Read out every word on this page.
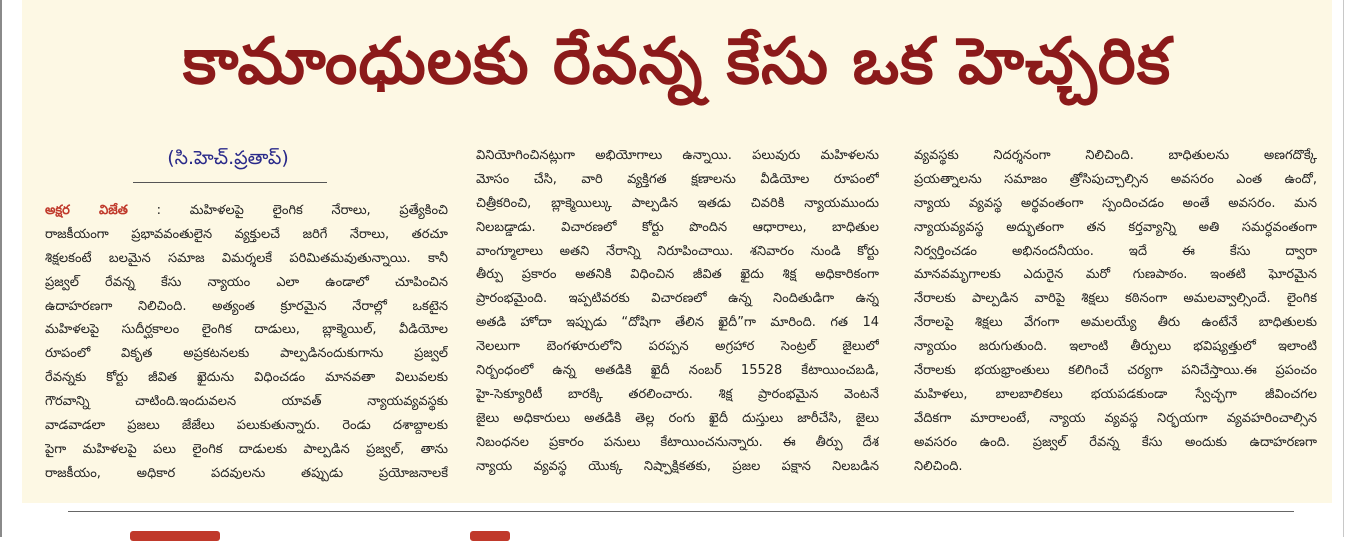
కామాంధులకు రేవన్న కేసు ఒక హెచ్చరిక
(సి.హెచ్.ప్రతాప్)
అక్షర విజేత : మహిళలపై లైంగిక నేరాలు, ప్రత్యేకించి
రాజకీయంగా ప్రభావవంతులైన వ్యక్తులచే జరిగే నేరాలు, తరచూ
శిక్షలకంటే బలమైన సమాజ విమర్శలకే పరిమితమవుతున్నాయి. కానీ
ప్రజ్వల్ రేవన్న కేసు న్యాయం ఎలా ఉండాలో చూపించిన
ఉదాహరణగా నిలిచింది. అత్యంత క్రూరమైన నేరాల్లో ఒకటైన
మహిళలపై సుదీర్ఘకాలం లైంగిక దాడులు, బ్లాక్మెయిల్, వీడియోల
రూపంలో వికృత అప్రకటనలకు పాల్పడినందుకుగాను ప్రజ్వల్
రేవన్నకు కోర్టు జీవిత ఖైదును విధించడం మానవతా విలువలకు
గౌరవాన్ని చాటింది.ఇందువలన యావత్ న్యాయవ్యవస్థకు
వాడవాడలా ప్రజలు జేజేలు పలుకుతున్నారు. రెండు దశాబ్దాలకు
పైగా మహిళలపై పలు లైంగిక దాడులకు పాల్పడిన ప్రజ్వల్, తాను
రాజకీయం, అధికార పదవులను తప్పుడు ప్రయోజనాలకే
వినియోగించినట్లుగా అభియోగాలు ఉన్నాయి. పలువురు మహిళలను
మోసం చేసి, వారి వ్యక్తిగత క్షణాలను వీడియోల రూపంలో
చిత్రీకరించి, బ్లాక్మెయిల్కు పాల్పడిన ఇతడు చివరికి న్యాయముందు
నిలబడ్డాడు. విచారణలో కోర్టు పొందిన ఆధారాలు, బాధితుల
వాంగ్మూలాలు అతని నేరాన్ని నిరూపించాయి. శనివారం నుండి కోర్టు
తీర్పు ప్రకారం అతనికి విధించిన జీవిత ఖైదు శిక్ష అధికారికంగా
ప్రారంభమైంది. ఇప్పటివరకు విచారణలో ఉన్న నిందితుడిగా ఉన్న
అతడి హోదా ఇప్పుడు “దోషిగా తేలిన ఖైదీ”గా మారింది. గత 14
నెలలుగా బెంగళూరులోని పరప్పన అగ్రహార సెంట్రల్ జైలులో
నిర్బంధంలో ఉన్న అతడికి ఖైదీ నంబర్ 15528 కేటాయించబడి,
హై-సెక్యూరిటీ బారక్కి తరలించారు. శిక్ష ప్రారంభమైన వెంటనే
జైలు అధికారులు అతడికి తెల్ల రంగు ఖైదీ దుస్తులు జారీచేసి, జైలు
నిబంధనల ప్రకారం పనులు కేటాయించనున్నారు. ఈ తీర్పు దేశ
న్యాయ వ్యవస్థ యొక్క నిష్పాక్షికతకు, ప్రజల పక్షాన నిలబడిన
వ్యవస్థకు నిదర్శనంగా నిలిచింది. బాధితులను అణగదొక్కే
ప్రయత్నాలను సమాజం త్రోసిపుచ్చాల్సిన అవసరం ఎంత ఉందో,
న్యాయ వ్యవస్థ అర్థవంతంగా స్పందించడం అంతే అవసరం. మన
న్యాయవ్యవస్థ అద్భుతంగా తన కర్తవ్యాన్ని అతి సమర్ధవంతంగా
నిర్వర్తించడం అభినందనీయం. ఇదే ఈ కేసు ద్వారా
మానవమృగాలకు ఎదురైన మరో గుణపాఠం. ఇంతటి ఘోరమైన
నేరాలకు పాల్పడిన వారిపై శిక్షలు కఠినంగా అమలవ్వాల్సిందే. లైంగిక
నేరాలపై శిక్షలు వేగంగా అమలయ్యే తీరు ఉంటేనే బాధితులకు
న్యాయం జరుగుతుంది. ఇలాంటి తీర్పులు భవిష్యత్తులో ఇలాంటి
నేరాలకు భయభ్రాంతులు కలిగించే చర్యగా పనిచేస్తాయి.ఈ ప్రపంచం
మహిళలు, బాలబాలికలు భయపడకుండా స్వేచ్ఛగా జీవించగల
వేదికగా మారాలంటే, న్యాయ వ్యవస్థ నిర్భయగా వ్యవహరించాల్సిన
అవసరం ఉంది. ప్రజ్వల్ రేవన్న కేసు అందుకు ఉదాహరణగా
నిలిచింది.
